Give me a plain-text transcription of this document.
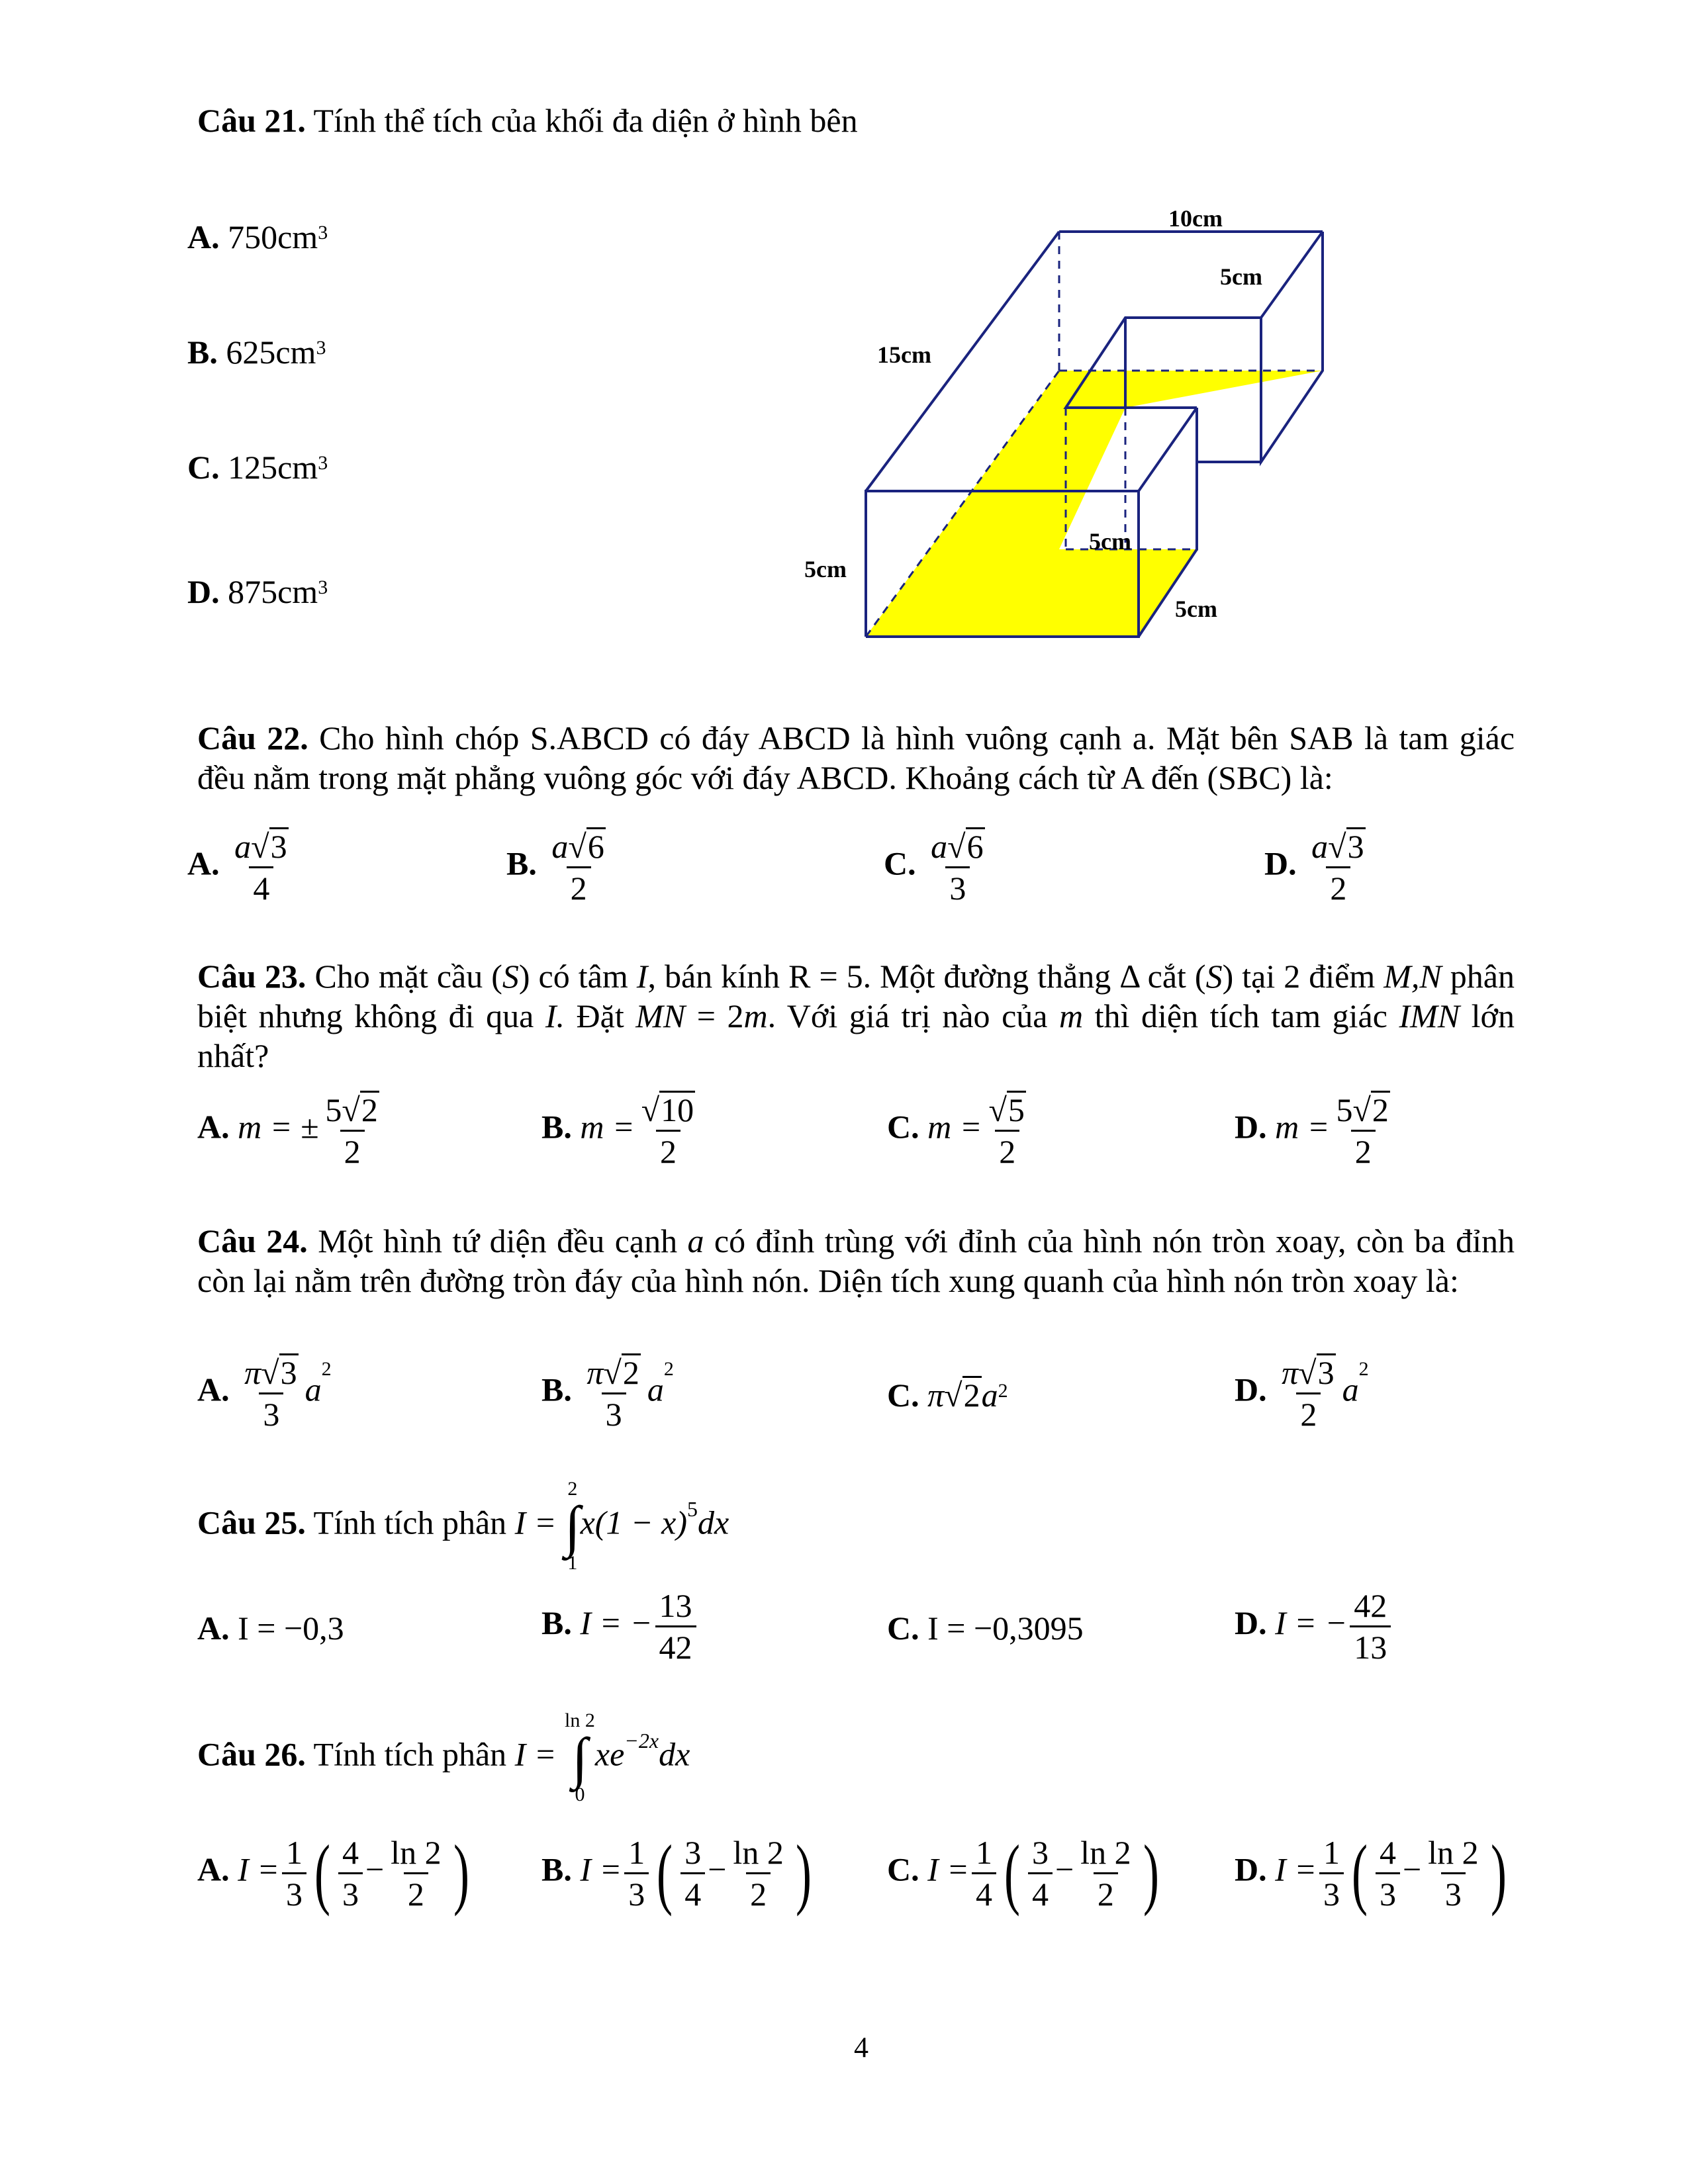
Câu 21. Tính thể tích của khối đa diện ở hình bên
A. $750cm^3$
B. $625cm^3$
C. $125cm^3$
D. $875cm^3$
10cm
5cm
15cm
5cm
5cm
5cm
Câu 22. Cho hình chóp S.ABCD có đáy ABCD là hình vuông cạnh a. Mặt bên SAB là tam giác đều nằm trong mặt phẳng vuông góc với đáy ABCD. Khoảng cách từ A đến (SBC) là:
A. $\frac{a√3}{4}$	B. $\frac{a√6}{2}$	C. $\frac{a√6}{3}$	D. $\frac{a√3}{2}$
Câu 23. Cho mặt cầu (S) có tâm I, bán kính R = 5. Một đường thẳng Δ cắt (S) tại 2 điểm M,N phân biệt nhưng không đi qua I. Đặt MN = 2m. Với giá trị nào của m thì diện tích tam giác IMN lớn nhất?
A. m = ± $\frac{5√2}{2}$	B. $m = \frac{√10}{2}$	C. $m = \frac{√5}{2}$	D. $m = \frac{5√2}{2}$
Câu 24. Một hình tứ diện đều cạnh a có đỉnh trùng với đỉnh của hình nón tròn xoay, còn ba đỉnh còn lại nằm trên đường tròn đáy của hình nón. Diện tích xung quanh của hình nón tròn xoay là:
A. $\frac{\pi√3}{3} a^2$
B. $\frac{\pi√2}{3} a^2$
C. $\pi√2a^2$	D. $\frac{\pi√3}{2} a^2$
Câu 25. Tính tích phân I =
2
∫
1
$x(1 - x)^5dx$
A. I = −0,3	B. I = − $\frac{13}{42}$	C. I = −0,3095	D. I = − $\frac{42}{13}$
Câu 26. Tính tích phân I =
ln 2
∫
0
$xe^{-2x}dx$
A. $I = \frac{1}{3}$ ( $\frac{4}{3} - \frac{\ln 2}{2}$ ) B. $I = \frac{1}{3}$ ( $\frac{3}{4} - \frac{\ln 2}{2}$ ) C. $I = \frac{1}{4}$ ( $\frac{3}{4} - \frac{\ln 2}{2}$ ) D. $I = \frac{1}{3}$ ( $\frac{4}{3} - \frac{\ln 2}{3}$ )
4
